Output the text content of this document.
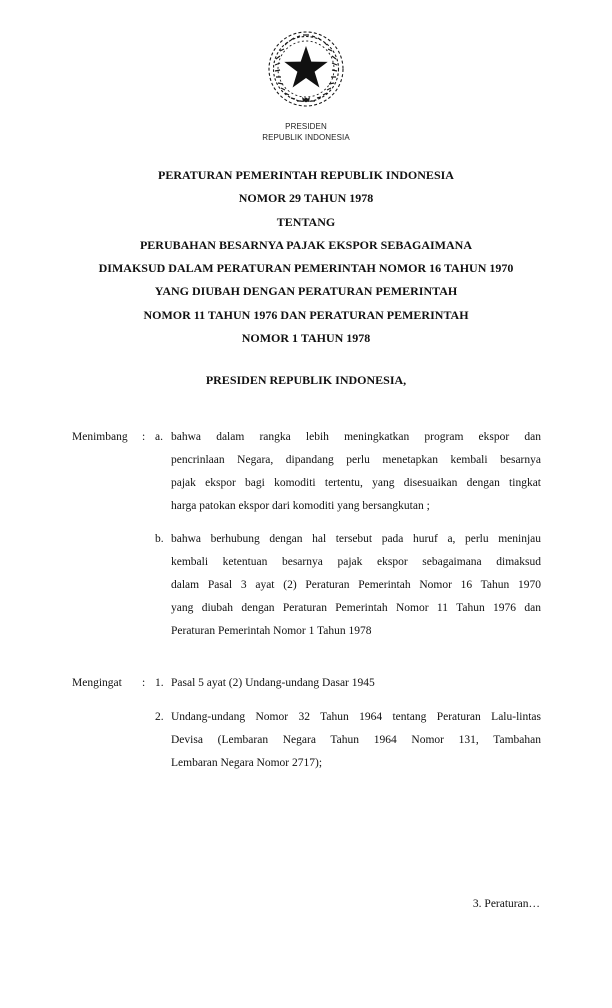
PRESIDEN
REPUBLIK INDONESIA
PERATURAN PEMERINTAH REPUBLIK INDONESIA
NOMOR 29 TAHUN 1978
TENTANG
PERUBAHAN BESARNYA PAJAK EKSPOR SEBAGAIMANA
DIMAKSUD DALAM PERATURAN PEMERINTAH NOMOR 16 TAHUN 1970
YANG DIUBAH DENGAN PERATURAN PEMERINTAH
NOMOR 11 TAHUN 1976 DAN PERATURAN PEMERINTAH
NOMOR 1 TAHUN 1978
PRESIDEN REPUBLIK INDONESIA,
Menimbang : a. bahwa dalam rangka lebih meningkatkan program ekspor dan
pencrinlaan Negara, dipandang perlu menetapkan kembali besarnya
pajak ekspor bagi komoditi tertentu, yang disesuaikan dengan tingkat
harga patokan ekspor dari komoditi yang bersangkutan ;
b. bahwa berhubung dengan hal tersebut pada huruf a, perlu meninjau
kembali ketentuan besarnya pajak ekspor sebagaimana dimaksud
dalam Pasal 3 ayat (2) Peraturan Pemerintah Nomor 16 Tahun 1970
yang diubah dengan Peraturan Pemerintah Nomor 11 Tahun 1976 dan
Peraturan Pemerintah Nomor 1 Tahun 1978
Mengingat : 1. Pasal 5 ayat (2) Undang-undang Dasar 1945
2. Undang-undang Nomor 32 Tahun 1964 tentang Peraturan Lalu-lintas
Devisa (Lembaran Negara Tahun 1964 Nomor 131, Tambahan
Lembaran Negara Nomor 2717);
3. Peraturan…
